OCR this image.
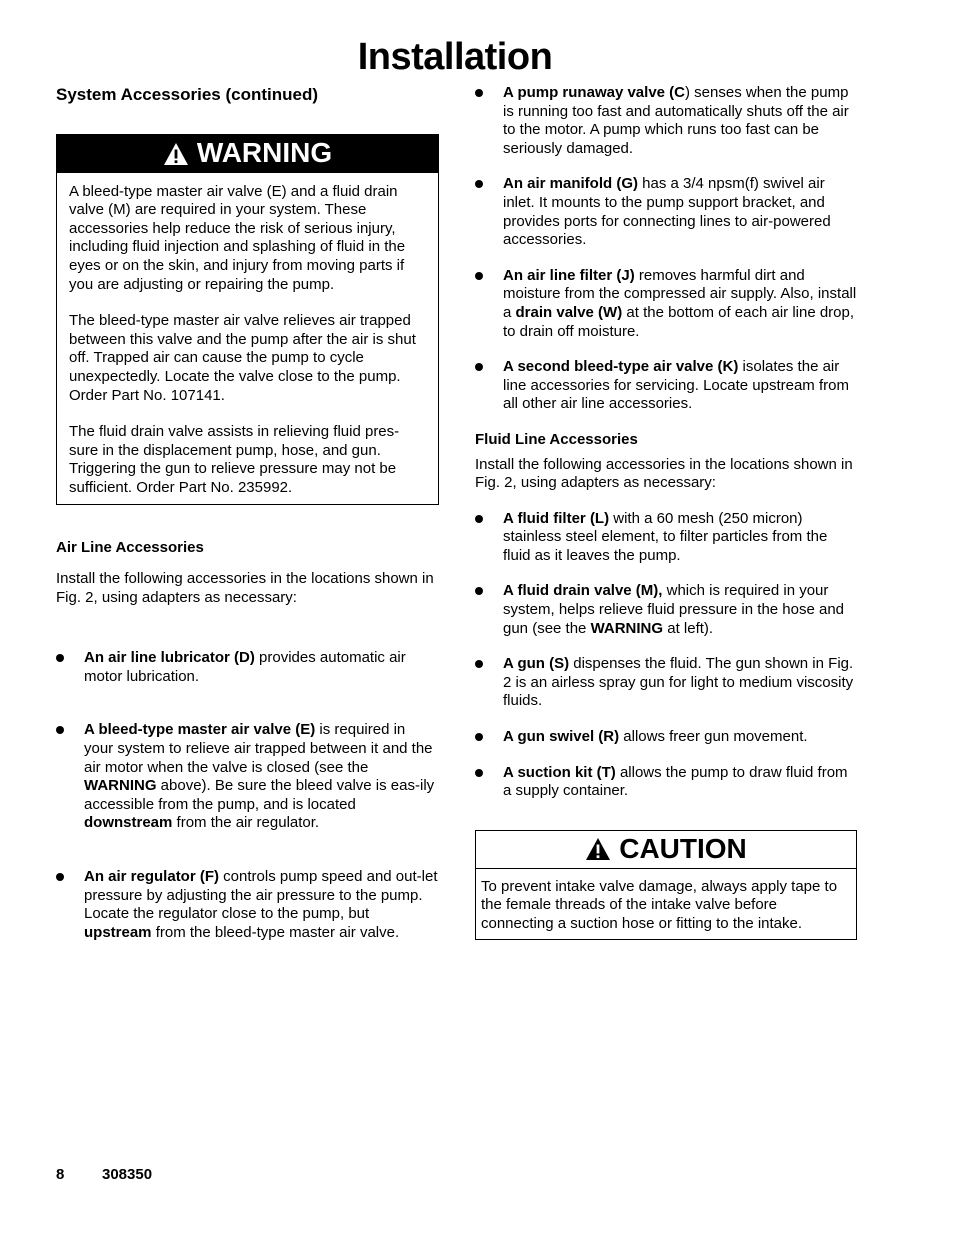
Installation
System Accessories (continued)
WARNING

A bleed-type master air valve (E) and a fluid drain valve (M) are required in your system. These accessories help reduce the risk of serious injury, including fluid injection and splashing of fluid in the eyes or on the skin, and injury from moving parts if you are adjusting or repairing the pump.

The bleed-type master air valve relieves air trapped between this valve and the pump after the air is shut off. Trapped air can cause the pump to cycle unexpectedly. Locate the valve close to the pump. Order Part No. 107141.

The fluid drain valve assists in relieving fluid pres-sure in the displacement pump, hose, and gun. Triggering the gun to relieve pressure may not be sufficient. Order Part No. 235992.

Air Line Accessories

Install the following accessories in the locations shown in Fig. 2, using adapters as necessary:

An air line lubricator (D) provides automatic air motor lubrication.
A bleed-type master air valve (E) is required in your system to relieve air trapped between it and the air motor when the valve is closed (see the WARNING above). Be sure the bleed valve is eas-ily accessible from the pump, and is located downstream from the air regulator.
An air regulator (F) controls pump speed and out-let pressure by adjusting the air pressure to the pump. Locate the regulator close to the pump, but upstream from the bleed-type master air valve.
A pump runaway valve (C) senses when the pump is running too fast and automatically shuts off the air to the motor. A pump which runs too fast can be seriously damaged.
An air manifold (G) has a 3/4 npsm(f) swivel air inlet. It mounts to the pump support bracket, and provides ports for connecting lines to air-powered accessories.
An air line filter (J) removes harmful dirt and moisture from the compressed air supply. Also, install a drain valve (W) at the bottom of each air line drop, to drain off moisture.
A second bleed-type air valve (K) isolates the air line accessories for servicing. Locate upstream from all other air line accessories.
Fluid Line Accessories

Install the following accessories in the locations shown in Fig. 2, using adapters as necessary:

A fluid filter (L) with a 60 mesh (250 micron) stainless steel element, to filter particles from the fluid as it leaves the pump.
A fluid drain valve (M), which is required in your system, helps relieve fluid pressure in the hose and gun (see the WARNING at left).
A gun (S) dispenses the fluid. The gun shown in Fig. 2 is an airless spray gun for light to medium viscosity fluids.
A gun swivel (R) allows freer gun movement.
A suction kit (T) allows the pump to draw fluid from a supply container.
CAUTION
To prevent intake valve damage, always apply tape to the female threads of the intake valve before connecting a suction hose or fitting to the intake.
8	308350
